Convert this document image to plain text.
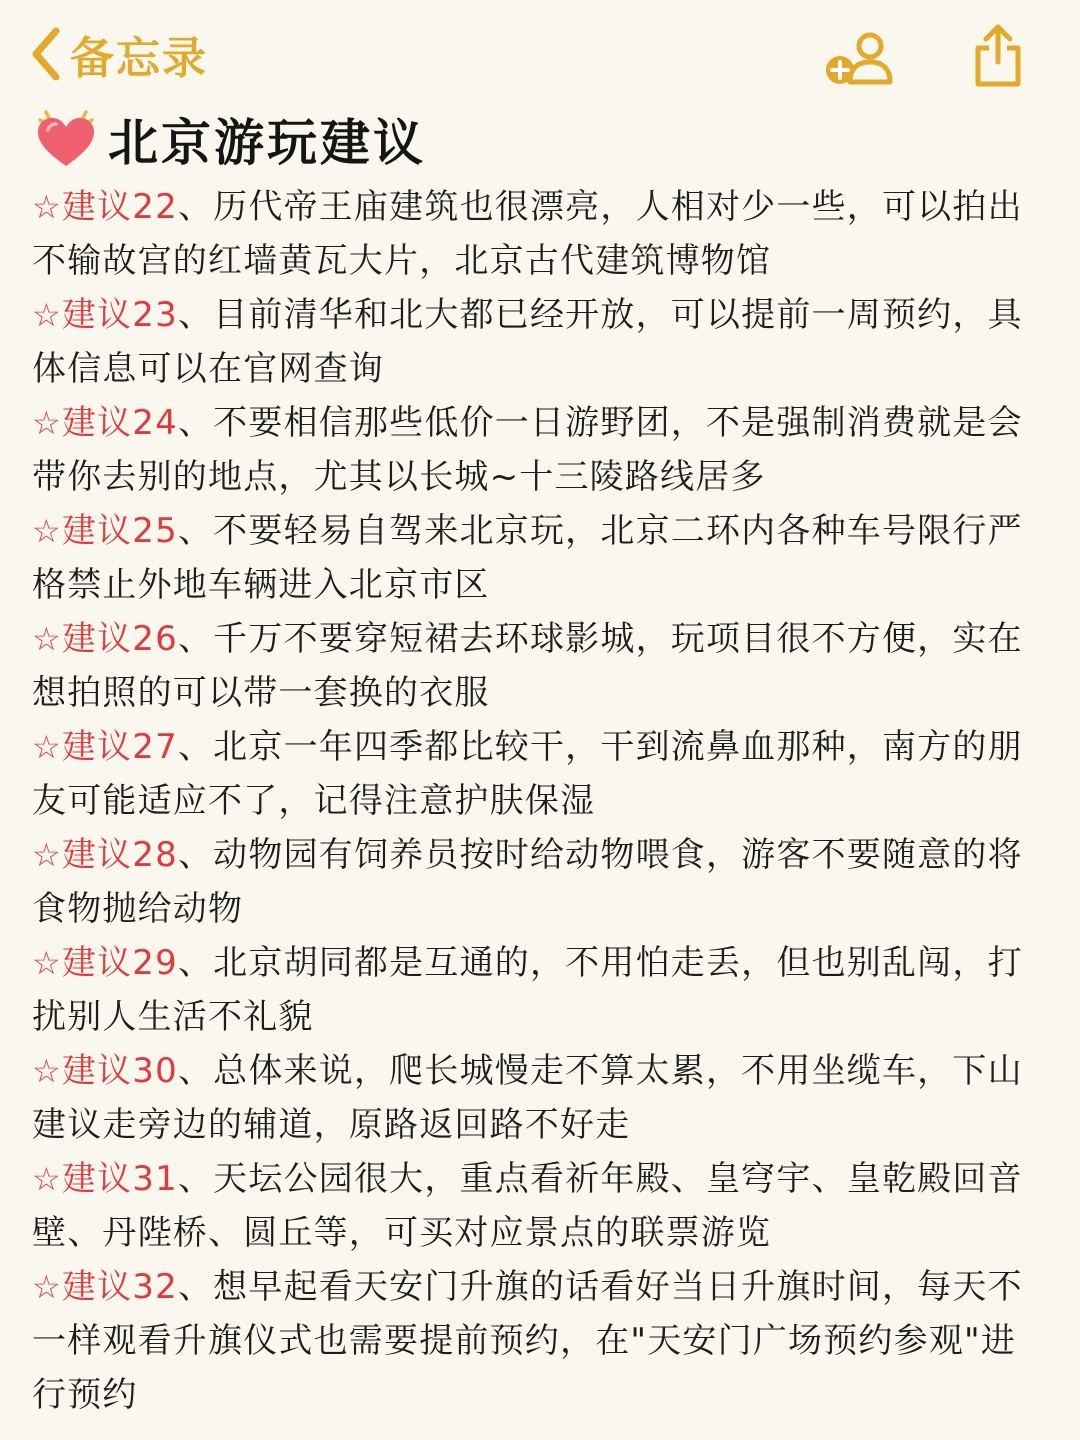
备忘录
北京游玩建议

☆建议22、历代帝王庙建筑也很漂亮，人相对少一些，可以拍出不输故宫的红墙黄瓦大片，北京古代建筑博物馆

☆建议23、目前清华和北大都已经开放，可以提前一周预约，具体信息可以在官网查询

☆建议24、不要相信那些低价一日游野团，不是强制消费就是会带你去别的地点，尤其以长城~十三陵路线居多

☆建议25、不要轻易自驾来北京玩，北京二环内各种车号限行严格禁止外地车辆进入北京市区

☆建议26、千万不要穿短裙去环球影城，玩项目很不方便，实在想拍照的可以带一套换的衣服

☆建议27、北京一年四季都比较干，干到流鼻血那种，南方的朋友可能适应不了，记得注意护肤保湿

☆建议28、动物园有饲养员按时给动物喂食，游客不要随意的将食物抛给动物

☆建议29、北京胡同都是互通的，不用怕走丢，但也别乱闯，打扰别人生活不礼貌

☆建议30、总体来说，爬长城慢走不算太累，不用坐缆车，下山建议走旁边的辅道，原路返回路不好走

☆建议31、天坛公园很大，重点看祈年殿、皇穹宇、皇乾殿回音壁、丹陛桥、圆丘等，可买对应景点的联票游览

☆建议32、想早起看天安门升旗的话看好当日升旗时间，每天不一样观看升旗仪式也需要提前预约，在"天安门广场预约参观"进行预约
